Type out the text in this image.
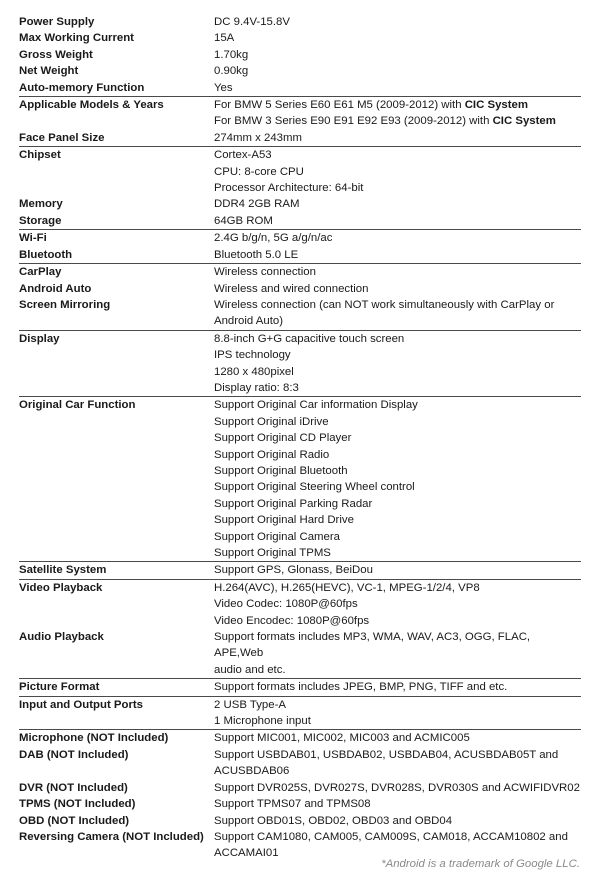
Power Supply	DC 9.4V-15.8V
Max Working Current	15A
Gross Weight	1.70kg
Net Weight	0.90kg
Auto-memory Function	Yes
Applicable Models & Years	For BMW 5 Series E60 E61 M5 (2009-2012) with CIC System
For BMW 3 Series E90 E91 E92 E93 (2009-2012) with CIC System
Face Panel Size	274mm x 243mm
Chipset	Cortex-A53
CPU: 8-core CPU
Processor Architecture: 64-bit
Memory	DDR4 2GB RAM
Storage	64GB ROM
Wi-Fi	2.4G b/g/n, 5G a/g/n/ac
Bluetooth	Bluetooth 5.0 LE
CarPlay	Wireless connection
Android Auto	Wireless and wired connection
Screen Mirroring	Wireless connection (can NOT work simultaneously with CarPlay or
Android Auto)
Display	8.8-inch G+G capacitive touch screen
IPS technology
1280 x 480pixel
Display ratio: 8:3
Original Car Function	Support Original Car information Display
Support Original iDrive
Support Original CD Player
Support Original Radio
Support Original Bluetooth
Support Original Steering Wheel control
Support Original Parking Radar
Support Original Hard Drive
Support Original Camera
Support Original TPMS
Satellite System	Support GPS, Glonass, BeiDou
Video Playback	H.264(AVC), H.265(HEVC), VC-1, MPEG-1/2/4, VP8
Video Codec: 1080P@60fps
Video Encodec: 1080P@60fps
Audio Playback	Support formats includes MP3, WMA, WAV, AC3, OGG, FLAC, APE,Web
audio and etc.
Picture Format	Support formats includes JPEG, BMP, PNG, TIFF and etc.
Input and Output Ports	2 USB Type-A
1 Microphone input
Microphone (NOT Included)	Support MIC001, MIC002, MIC003 and ACMIC005
DAB (NOT Included)	Support USBDAB01, USBDAB02, USBDAB04, ACUSBDAB05T and
ACUSBDAB06
DVR (NOT Included)	Support DVR025S, DVR027S, DVR028S, DVR030S and ACWIFIDVR02
TPMS (NOT Included)	Support TPMS07 and TPMS08
OBD (NOT Included)	Support OBD01S, OBD02, OBD03 and OBD04
Reversing Camera (NOT Included) Support CAM1080, CAM005, CAM009S, CAM018, ACCAM10802 and
ACCAMAI01
*Android is a trademark of Google LLC.
